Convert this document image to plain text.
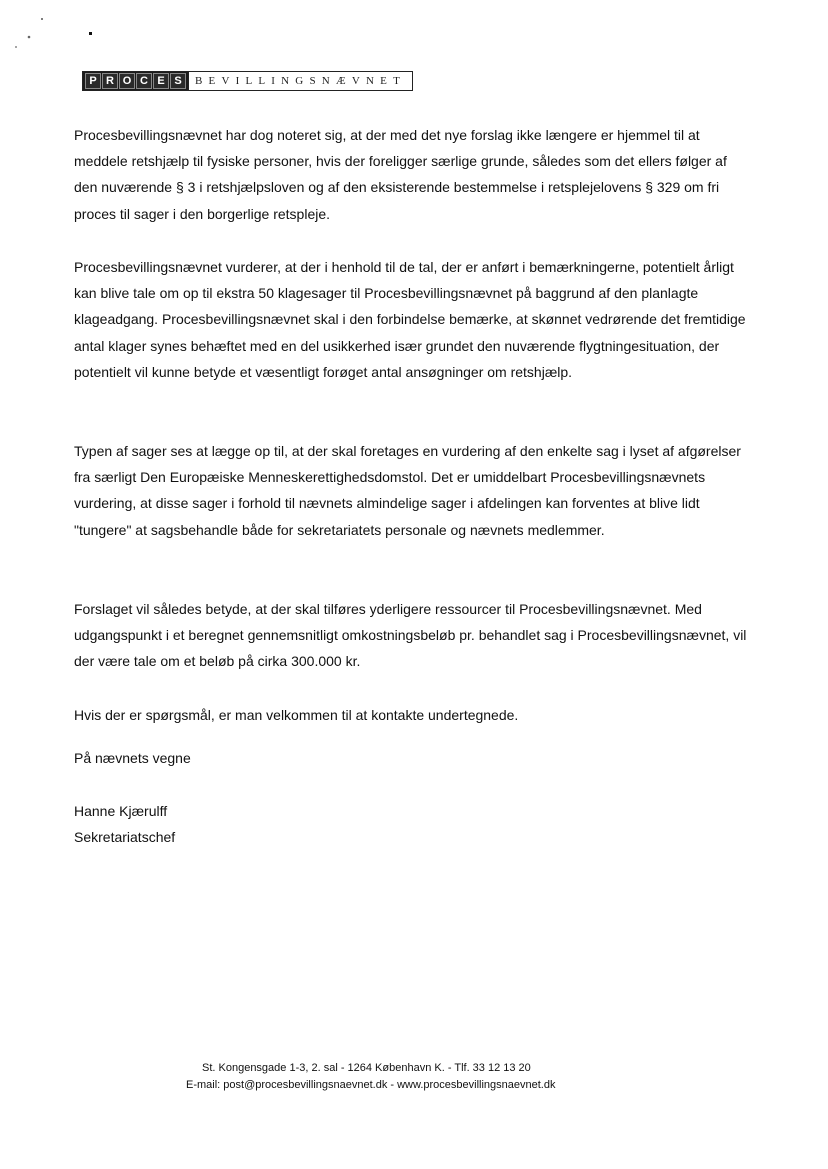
P R O C E S	BEVILLINGSNÆVNET

Procesbevillingsnævnet har dog noteret sig, at der med det nye forslag ikke længere er hjemmel til at meddele retshjælp til fysiske personer, hvis der foreligger særlige grunde, således som det ellers følger af den nuværende § 3 i retshjælpsloven og af den eksisterende bestemmelse i retsplejelovens § 329 om fri proces til sager i den borgerlige retspleje.

Procesbevillingsnævnet vurderer, at der i henhold til de tal, der er anført i bemærkningerne, potentielt årligt kan blive tale om op til ekstra 50 klagesager til Procesbevillingsnævnet på baggrund af den planlagte klageadgang. Procesbevillingsnævnet skal i den forbindelse bemærke, at skønnet vedrørende det fremtidige antal klager synes behæftet med en del usikkerhed især grundet den nuværende flygtningesituation, der potentielt vil kunne betyde et væsentligt forøget antal ansøgninger om retshjælp.

Typen af sager ses at lægge op til, at der skal foretages en vurdering af den enkelte sag i lyset af afgørelser fra særligt Den Europæiske Menneskerettighedsdomstol. Det er umiddelbart Procesbevillingsnævnets vurdering, at disse sager i forhold til nævnets almindelige sager i afdelingen kan forventes at blive lidt "tungere" at sagsbehandle både for sekretariatets personale og nævnets medlemmer.

Forslaget vil således betyde, at der skal tilføres yderligere ressourcer til Procesbevillingsnævnet. Med udgangspunkt i et beregnet gennemsnitligt omkostningsbeløb pr. behandlet sag i Procesbevillingsnævnet, vil der være tale om et beløb på cirka 300.000 kr.

Hvis der er spørgsmål, er man velkommen til at kontakte undertegnede.

På nævnets vegne
Hanne Kjærulff
Sekretariatschef
St. Kongensgade 1-3, 2. sal - 1264 København K. - Tlf. 33 12 13 20
E-mail: post@procesbevillingsnaevnet.dk - www.procesbevillingsnaevnet.dk
